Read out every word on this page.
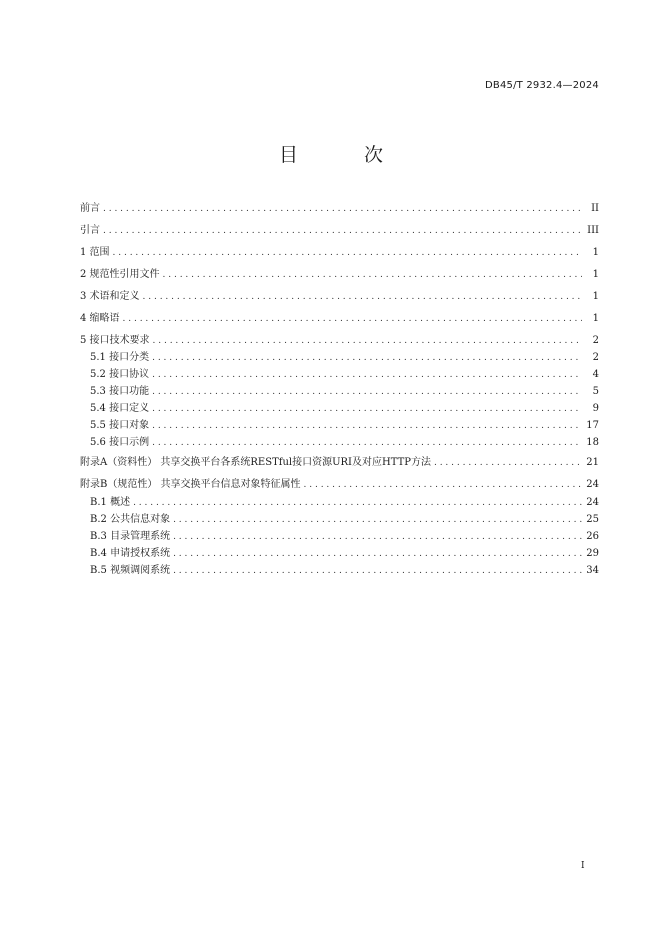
DB45/T 2932.4—2024
目 次
前言 . . .	II
引言 . . .	III
1 范围 . . .	1
2 规范性引用文件 . . .	1
3 术语和定义 . . .	1
4 缩略语 . . .	1
5 接口技术要求 . . .	2
5.1 接口分类 . . .	2
5.2 接口协议 . . .	4
5.3 接口功能 . . .	5
5.4 接口定义 . . .	9
5.5 接口对象 . . .	17
5.6 接口示例 . . .	18
附录A（资料性） 共享交换平台各系统RESTful接口资源URI及对应HTTP方法 . . .	21
附录B（规范性） 共享交换平台信息对象特征属性 . . .	24
B.1 概述 . . .	24
B.2 公共信息对象 . . .	25
B.3 目录管理系统 . . .	26
B.4 申请授权系统 . . .	29
B.5 视频调阅系统 . . .	34
I
